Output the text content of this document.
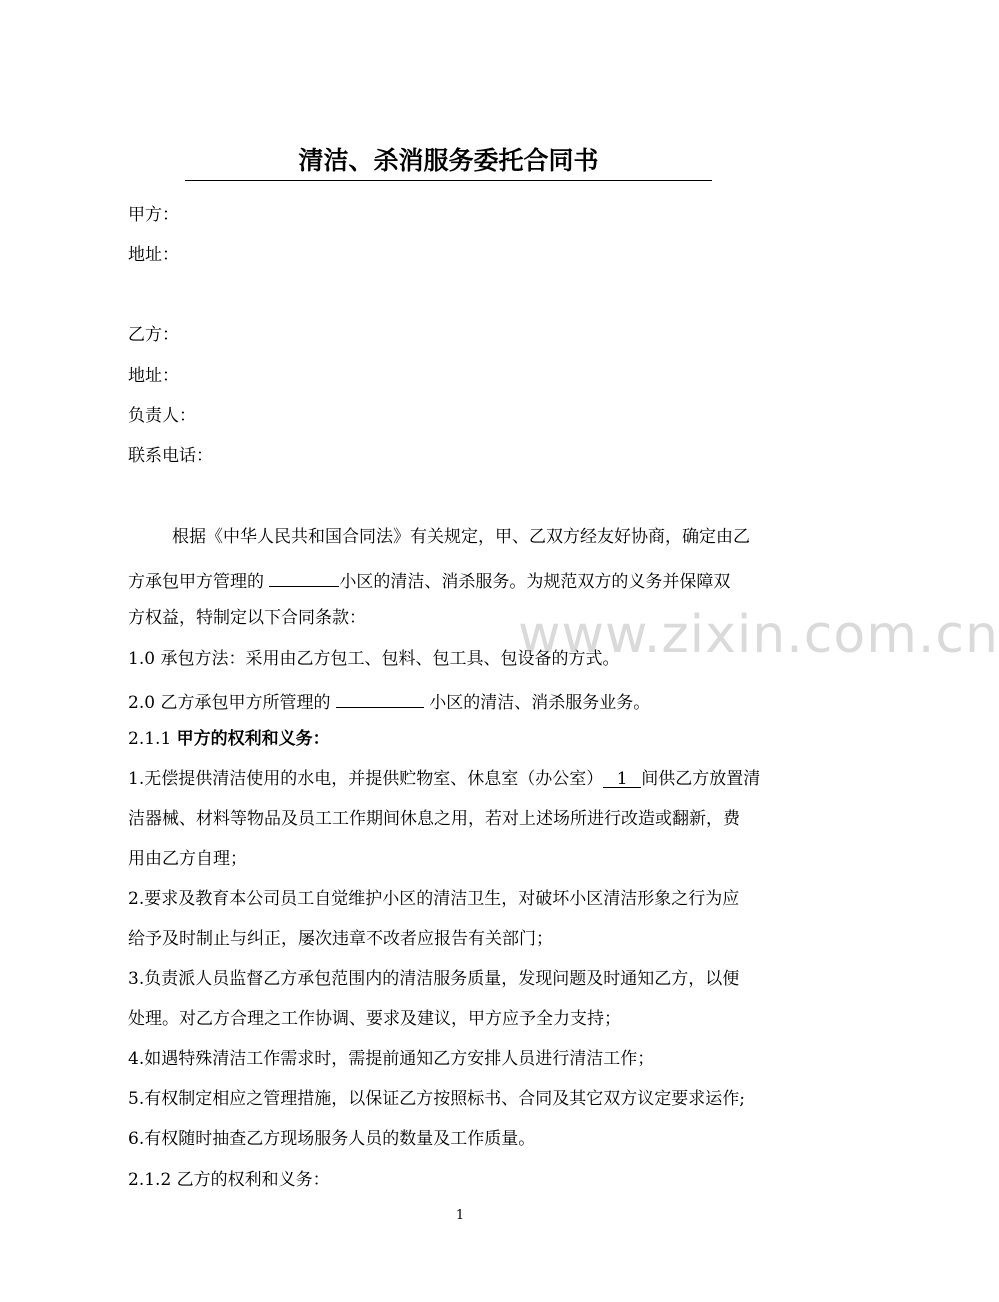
清洁、杀消服务委托合同书
甲方：
地址：
乙方：
地址：
负责人：
联系电话：
根据《中华人民共和国合同法》有关规定，甲、乙双方经友好协商，确定由乙
方承包甲方管理的	小区的清洁、消杀服务。为规范双方的义务并保障双
方权益，特制定以下合同条款：
1.0 承包方法：采用由乙方包工、包料、包工具、包设备的方式。
2.0 乙方承包甲方所管理的	小区的清洁、消杀服务业务。
2.1.1 甲方的权利和义务：
1.无偿提供清洁使用的水电，并提供贮物室、休息室（办公室） 1 间供乙方放置清
洁器械、材料等物品及员工工作期间休息之用，若对上述场所进行改造或翻新，费
用由乙方自理；
2.要求及教育本公司员工自觉维护小区的清洁卫生，对破坏小区清洁形象之行为应
给予及时制止与纠正，屡次违章不改者应报告有关部门；
3.负责派人员监督乙方承包范围内的清洁服务质量，发现问题及时通知乙方，以便
处理。对乙方合理之工作协调、要求及建议，甲方应予全力支持；
4.如遇特殊清洁工作需求时，需提前通知乙方安排人员进行清洁工作；
5.有权制定相应之管理措施，以保证乙方按照标书、合同及其它双方议定要求运作;
6.有权随时抽查乙方现场服务人员的数量及工作质量。
2.1.2 乙方的权利和义务：
www.zixin.com.cn
1
